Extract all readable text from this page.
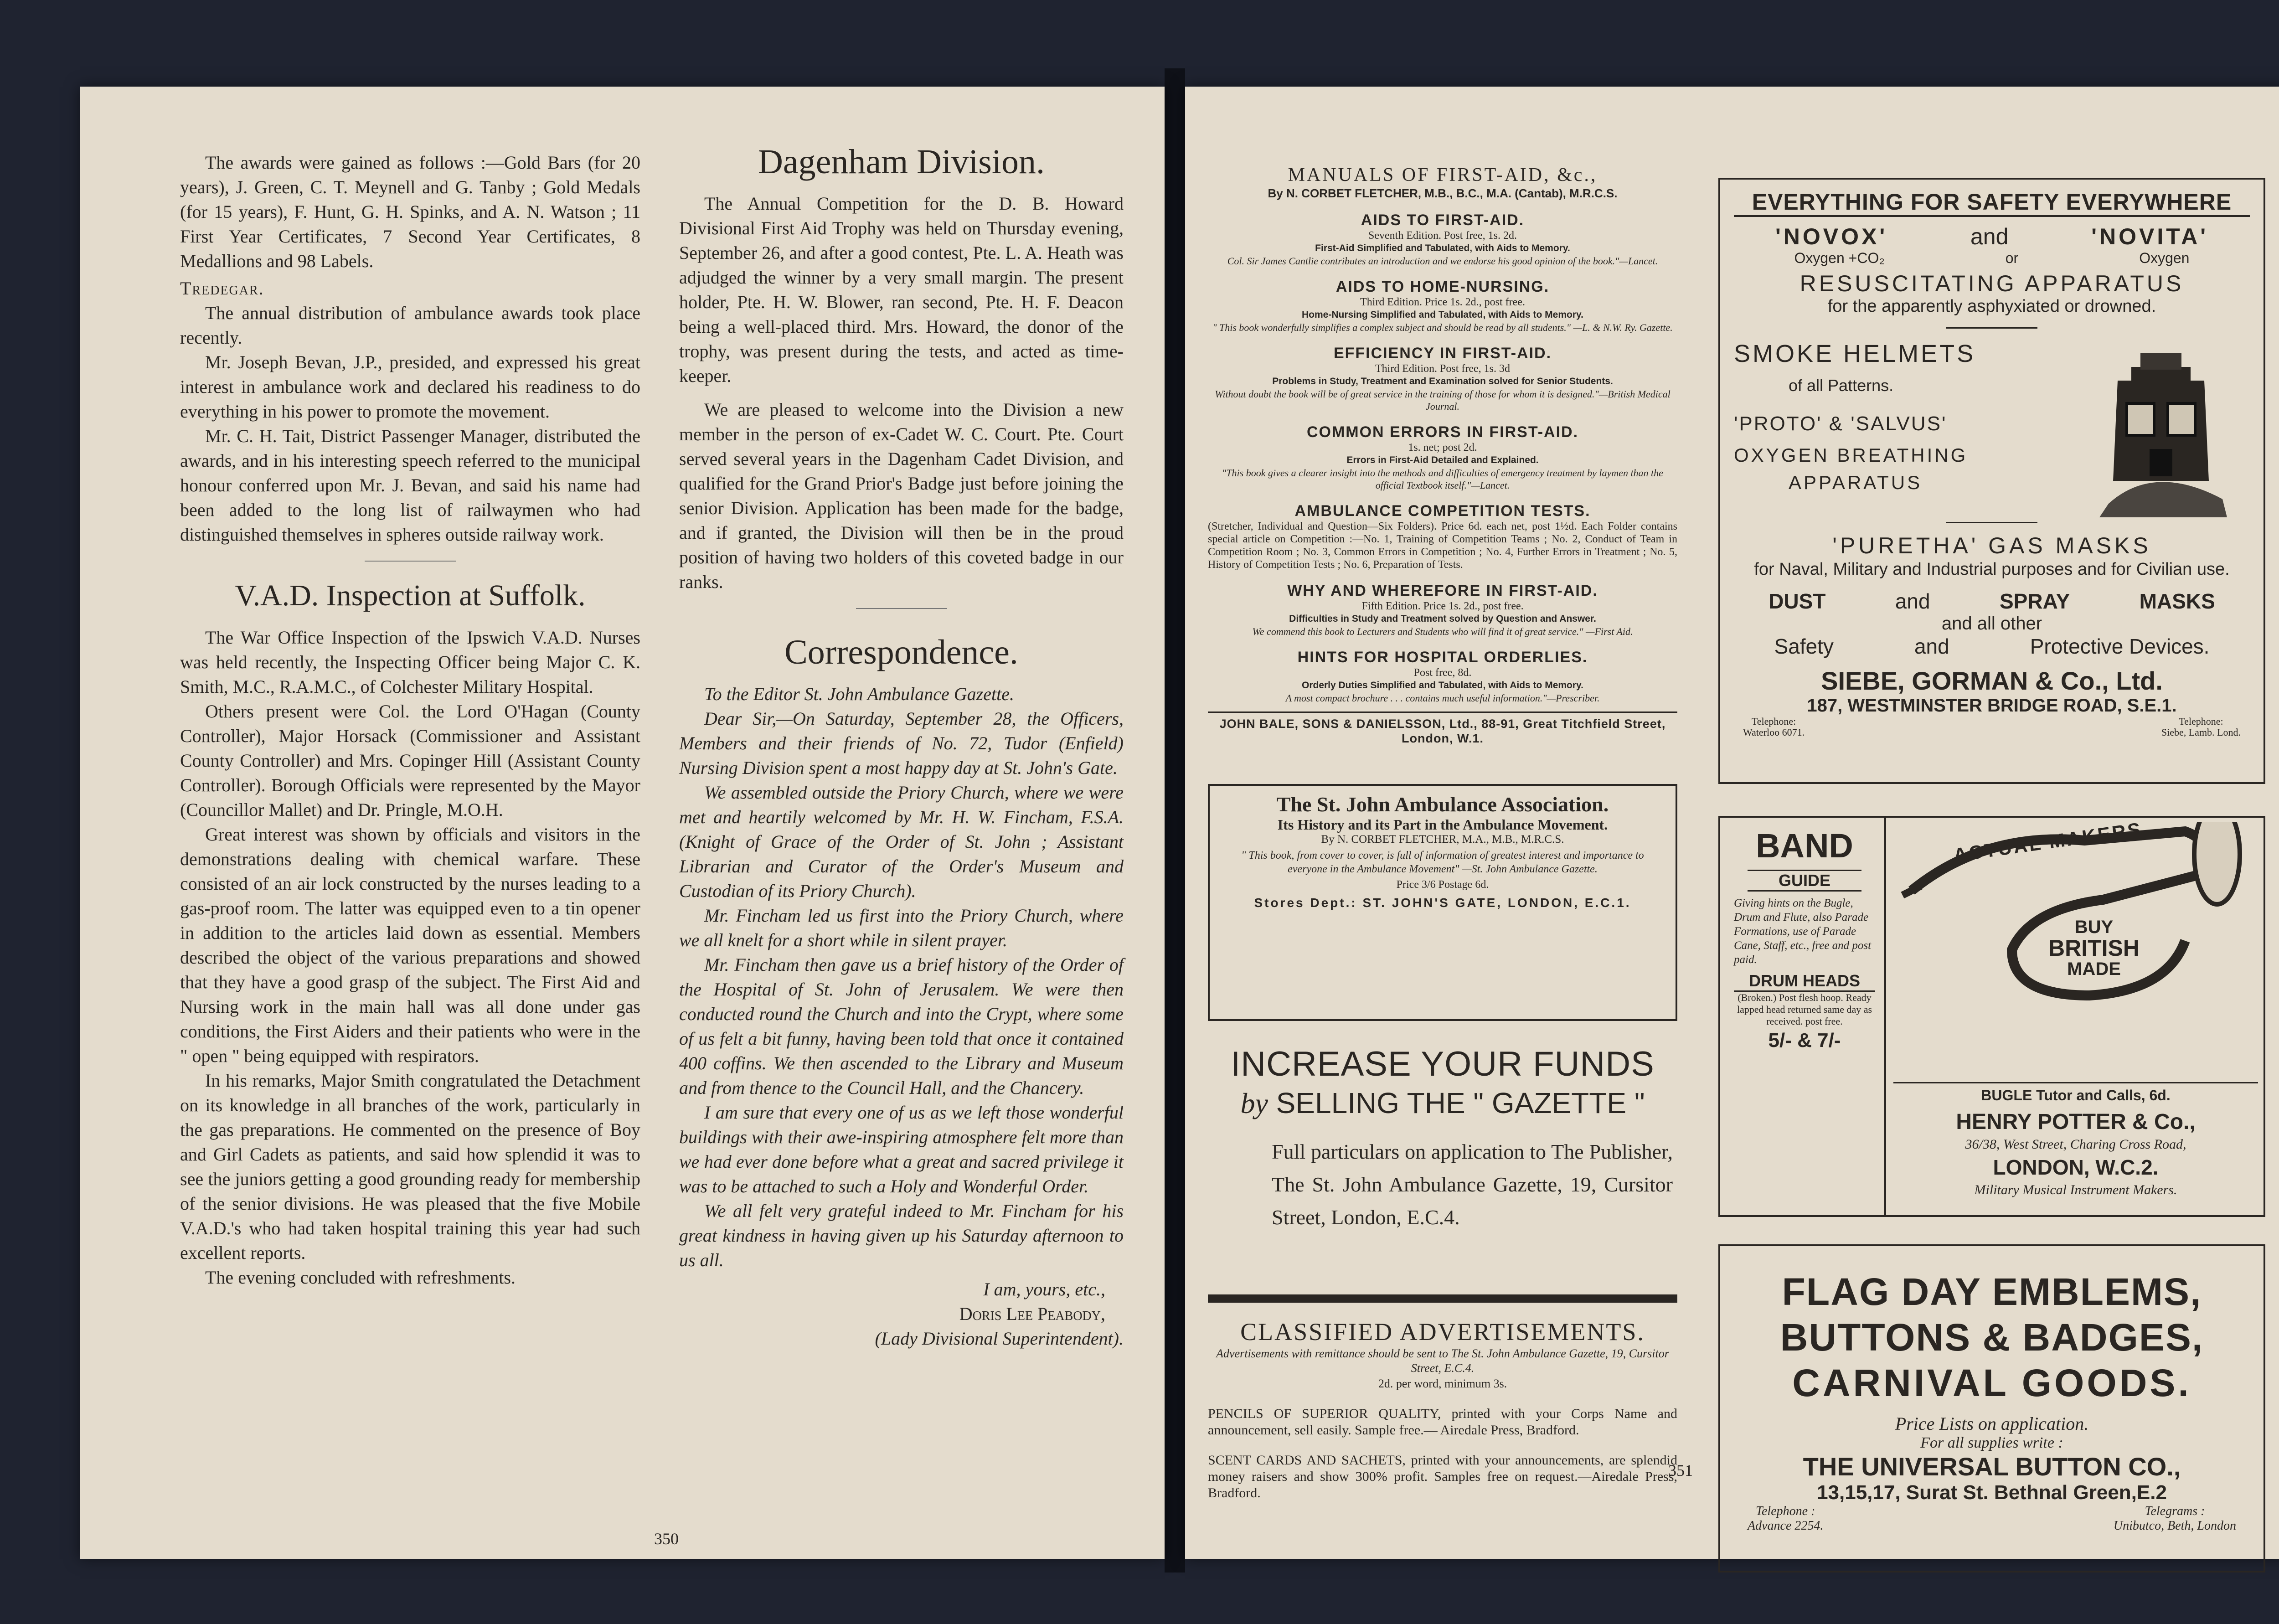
The awards were gained as follows :—Gold Bars (for 20 years), J. Green, C. T. Meynell and G. Tanby ; Gold Medals (for 15 years), F. Hunt, G. H. Spinks, and A. N. Watson ; 11 First Year Certificates, 7 Second Year Certificates, 8 Medallions and 98 Labels.

Tredegar.

The annual distribution of ambulance awards took place recently.

Mr. Joseph Bevan, J.P., presided, and expressed his great interest in ambulance work and declared his readiness to do everything in his power to promote the movement.

Mr. C. H. Tait, District Passenger Manager, distributed the awards, and in his interesting speech referred to the municipal honour conferred upon Mr. J. Bevan, and said his name had been added to the long list of railwaymen who had distinguished themselves in spheres outside railway work.

V.A.D. Inspection at Suffolk.

The War Office Inspection of the Ipswich V.A.D. Nurses was held recently, the Inspecting Officer being Major C. K. Smith, M.C., R.A.M.C., of Colchester Military Hospital.

Others present were Col. the Lord O'Hagan (County Controller), Major Horsack (Commissioner and Assistant County Controller) and Mrs. Copinger Hill (Assistant County Controller). Borough Officials were represented by the Mayor (Councillor Mallet) and Dr. Pringle, M.O.H.

Great interest was shown by officials and visitors in the demonstrations dealing with chemical warfare. These consisted of an air lock constructed by the nurses leading to a gas-proof room. The latter was equipped even to a tin opener in addition to the articles laid down as essential. Members described the object of the various preparations and showed that they have a good grasp of the subject. The First Aid and Nursing work in the main hall was all done under gas conditions, the First Aiders and their patients who were in the " open " being equipped with respirators.

In his remarks, Major Smith congratulated the Detachment on its knowledge in all branches of the work, particularly in the gas preparations. He commented on the presence of Boy and Girl Cadets as patients, and said how splendid it was to see the juniors getting a good grounding ready for membership of the senior divisions. He was pleased that the five Mobile V.A.D.'s who had taken hospital training this year had such excellent reports.

The evening concluded with refreshments.

Dagenham Division.

The Annual Competition for the D. B. Howard Divisional First Aid Trophy was held on Thursday evening, September 26, and after a good contest, Pte. L. A. Heath was adjudged the winner by a very small margin. The present holder, Pte. H. W. Blower, ran second, Pte. H. F. Deacon being a well-placed third. Mrs. Howard, the donor of the trophy, was present during the tests, and acted as time-keeper.

We are pleased to welcome into the Division a new member in the person of ex-Cadet W. C. Court. Pte. Court served several years in the Dagenham Cadet Division, and qualified for the Grand Prior's Badge just before joining the senior Division. Application has been made for the badge, and if granted, the Division will then be in the proud position of having two holders of this coveted badge in our ranks.

Correspondence.

To the Editor St. John Ambulance Gazette.

Dear Sir,—On Saturday, September 28, the Officers, Members and their friends of No. 72, Tudor (Enfield) Nursing Division spent a most happy day at St. John's Gate.

We assembled outside the Priory Church, where we were met and heartily welcomed by Mr. H. W. Fincham, F.S.A. (Knight of Grace of the Order of St. John ; Assistant Librarian and Curator of the Order's Museum and Custodian of its Priory Church).

Mr. Fincham led us first into the Priory Church, where we all knelt for a short while in silent prayer.

Mr. Fincham then gave us a brief history of the Order of the Hospital of St. John of Jerusalem. We were then conducted round the Church and into the Crypt, where some of us felt a bit funny, having been told that once it contained 400 coffins. We then ascended to the Library and Museum and from thence to the Council Hall, and the Chancery.

I am sure that every one of us as we left those wonderful buildings with their awe-inspiring atmosphere felt more than we had ever done before what a great and sacred privilege it was to be attached to such a Holy and Wonderful Order.

We all felt very grateful indeed to Mr. Fincham for his great kindness in having given up his Saturday afternoon to us all.

I am, yours, etc.,

Doris Lee Peabody,

(Lady Divisional Superintendent).

350
MANUALS OF FIRST-AID, &c.,
By N. CORBET FLETCHER, M.B., B.C., M.A. (Cantab), M.R.C.S.
AIDS TO FIRST-AID.
Seventh Edition. Post free, 1s. 2d.
First-Aid Simplified and Tabulated, with Aids to Memory.
Col. Sir James Cantlie contributes an introduction and we endorse his good opinion of the book."—Lancet.
AIDS TO HOME-NURSING.
Third Edition. Price 1s. 2d., post free.
Home-Nursing Simplified and Tabulated, with Aids to Memory.
" This book wonderfully simplifies a complex subject and should be read by all students." —L. & N.W. Ry. Gazette.
EFFICIENCY IN FIRST-AID.
Third Edition. Post free, 1s. 3d
Problems in Study, Treatment and Examination solved for Senior Students.
Without doubt the book will be of great service in the training of those for whom it is designed."—British Medical Journal.
COMMON ERRORS IN FIRST-AID.
1s. net; post 2d.
Errors in First-Aid Detailed and Explained.
"This book gives a clearer insight into the methods and difficulties of emergency treatment by laymen than the official Textbook itself."—Lancet.
AMBULANCE COMPETITION TESTS.
(Stretcher, Individual and Question—Six Folders). Price 6d. each net, post 1½d. Each Folder contains special article on Competition :—No. 1, Training of Competition Teams ; No. 2, Conduct of Team in Competition Room ; No. 3, Common Errors in Competition ; No. 4, Further Errors in Treatment ; No. 5, History of Competition Tests ; No. 6, Preparation of Tests.
WHY AND WHEREFORE IN FIRST-AID.
Fifth Edition. Price 1s. 2d., post free.
Difficulties in Study and Treatment solved by Question and Answer.
We commend this book to Lecturers and Students who will find it of great service." —First Aid.
HINTS FOR HOSPITAL ORDERLIES.
Post free, 8d.
Orderly Duties Simplified and Tabulated, with Aids to Memory.
A most compact brochure . . . contains much useful information."—Prescriber.
JOHN BALE, SONS & DANIELSSON, Ltd., 88-91, Great Titchfield Street, London, W.1.
The St. John Ambulance Association.
Its History and its Part in the Ambulance Movement.
By N. CORBET FLETCHER, M.A., M.B., M.R.C.S.
" This book, from cover to cover, is full of information of greatest interest and importance to everyone in the Ambulance Movement" —St. John Ambulance Gazette.
Price 3/6 Postage 6d.
Stores Dept.: ST. JOHN'S GATE, LONDON, E.C.1.
INCREASE YOUR FUNDS
by SELLING THE " GAZETTE "
Full particulars on application to The Publisher, The St. John Ambulance Gazette, 19, Cursitor Street, London, E.C.4.
CLASSIFIED ADVERTISEMENTS.
Advertisements with remittance should be sent to The St. John Ambulance Gazette, 19, Cursitor Street, E.C.4.
2d. per word, minimum 3s.
PENCILS OF SUPERIOR QUALITY, printed with your Corps Name and announcement, sell easily. Sample free.— Airedale Press, Bradford.
SCENT CARDS AND SACHETS, printed with your announcements, are splendid money raisers and show 300% profit. Samples free on request.—Airedale Press, Bradford.
EVERYTHING FOR SAFETY EVERYWHERE
'NOVOX'	and	'NOVITA'
Oxygen +CO₂	or	Oxygen
RESUSCITATING APPARATUS
for the apparently asphyxiated or drowned.
SMOKE HELMETS
of all Patterns.
'PROTO' & 'SALVUS'
OXYGEN BREATHING
APPARATUS
'PURETHA' GAS MASKS
for Naval, Military and Industrial purposes and for Civilian use.
DUST	and	SPRAY	MASKS
and all other
Safety	and	Protective Devices.
SIEBE, GORMAN & Co., Ltd.
187, WESTMINSTER BRIDGE ROAD, S.E.1.
Telephone:
Waterloo 6071.
Telephone:
Siebe, Lamb. Lond.
BAND
GUIDE
Giving hints on the Bugle, Drum and Flute, also Parade Formations, use of Parade Cane, Staff, etc., free and post paid.
DRUM HEADS
(Broken.) Post flesh hoop. Ready lapped head returned same day as received. post free.
5/- & 7/-
ACTUAL MAKERS
BUY
BRITISH
MADE
BUGLE Tutor and Calls, 6d.
HENRY POTTER & Co.,
36/38, West Street, Charing Cross Road,
LONDON, W.C.2.
Military Musical Instrument Makers.
FLAG DAY EMBLEMS,
BUTTONS & BADGES,
CARNIVAL GOODS.
Price Lists on application.
For all supplies write :
THE UNIVERSAL BUTTON CO.,
13,15,17, Surat St. Bethnal Green,E.2
Telephone :
Advance 2254.
Telegrams :
Unibutco, Beth, London
351
